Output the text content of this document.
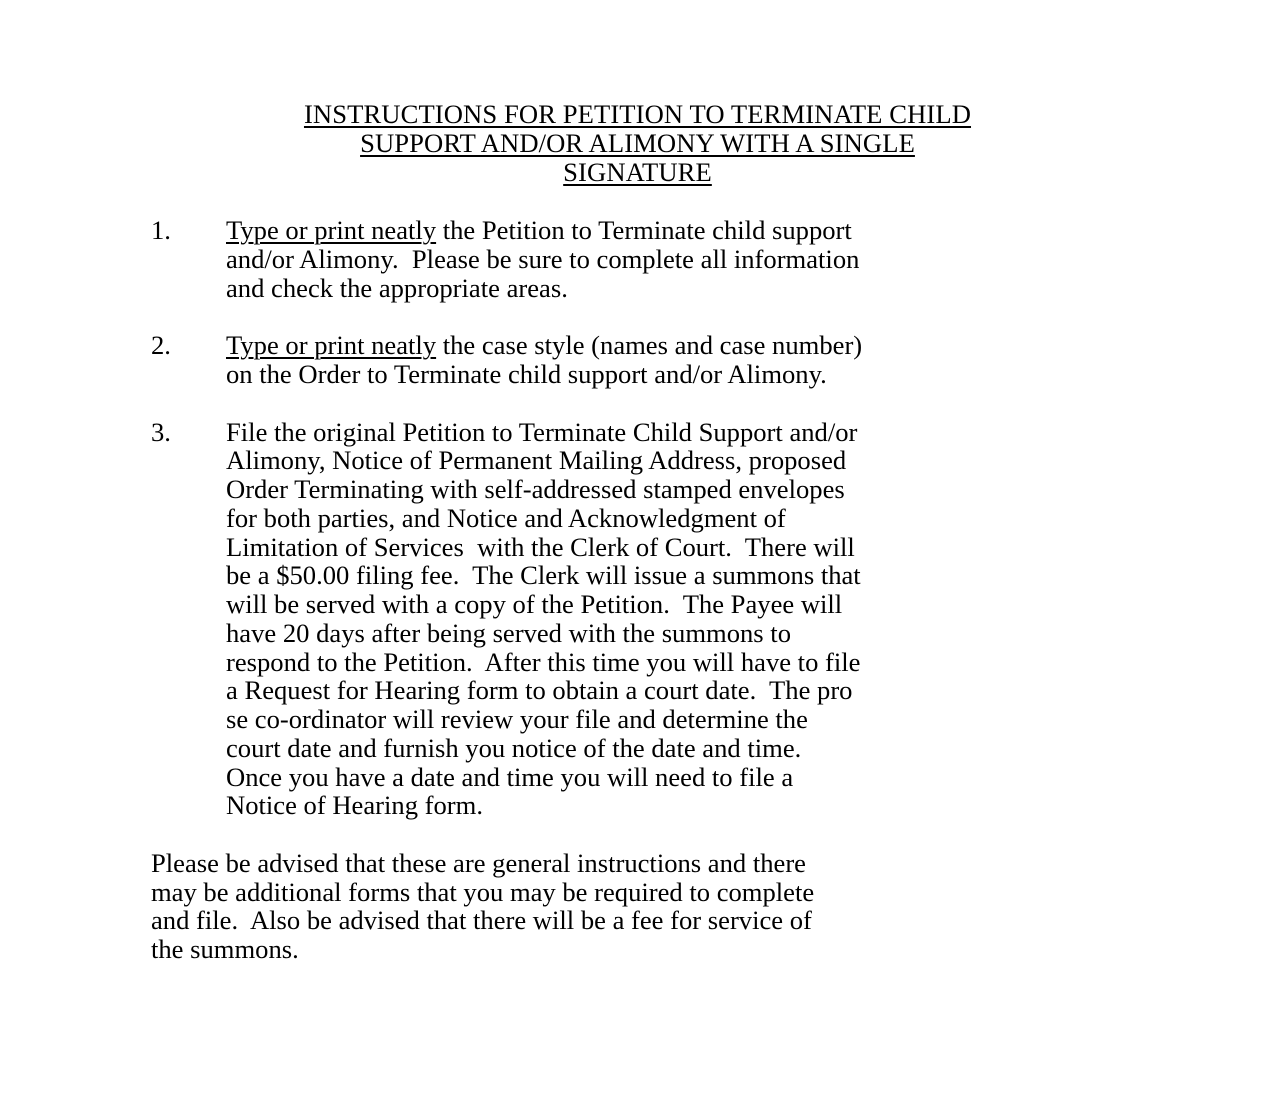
INSTRUCTIONS FOR PETITION TO TERMINATE CHILD
SUPPORT AND/OR ALIMONY WITH A SINGLE
SIGNATURE
1. Type or print neatly the Petition to Terminate child support
and/or Alimony.  Please be sure to complete all information
and check the appropriate areas.
2. Type or print neatly the case style (names and case number)
on the Order to Terminate child support and/or Alimony.
3. File the original Petition to Terminate Child Support and/or
Alimony, Notice of Permanent Mailing Address, proposed
Order Terminating with self-addressed stamped envelopes
for both parties, and Notice and Acknowledgment of
Limitation of Services  with the Clerk of Court.  There will
be a $50.00 filing fee.  The Clerk will issue a summons that
will be served with a copy of the Petition.  The Payee will
have 20 days after being served with the summons to
respond to the Petition.  After this time you will have to file
a Request for Hearing form to obtain a court date.  The pro
se co-ordinator will review your file and determine the
court date and furnish you notice of the date and time.
Once you have a date and time you will need to file a
Notice of Hearing form.
Please be advised that these are general instructions and there
may be additional forms that you may be required to complete
and file.  Also be advised that there will be a fee for service of
the summons.
